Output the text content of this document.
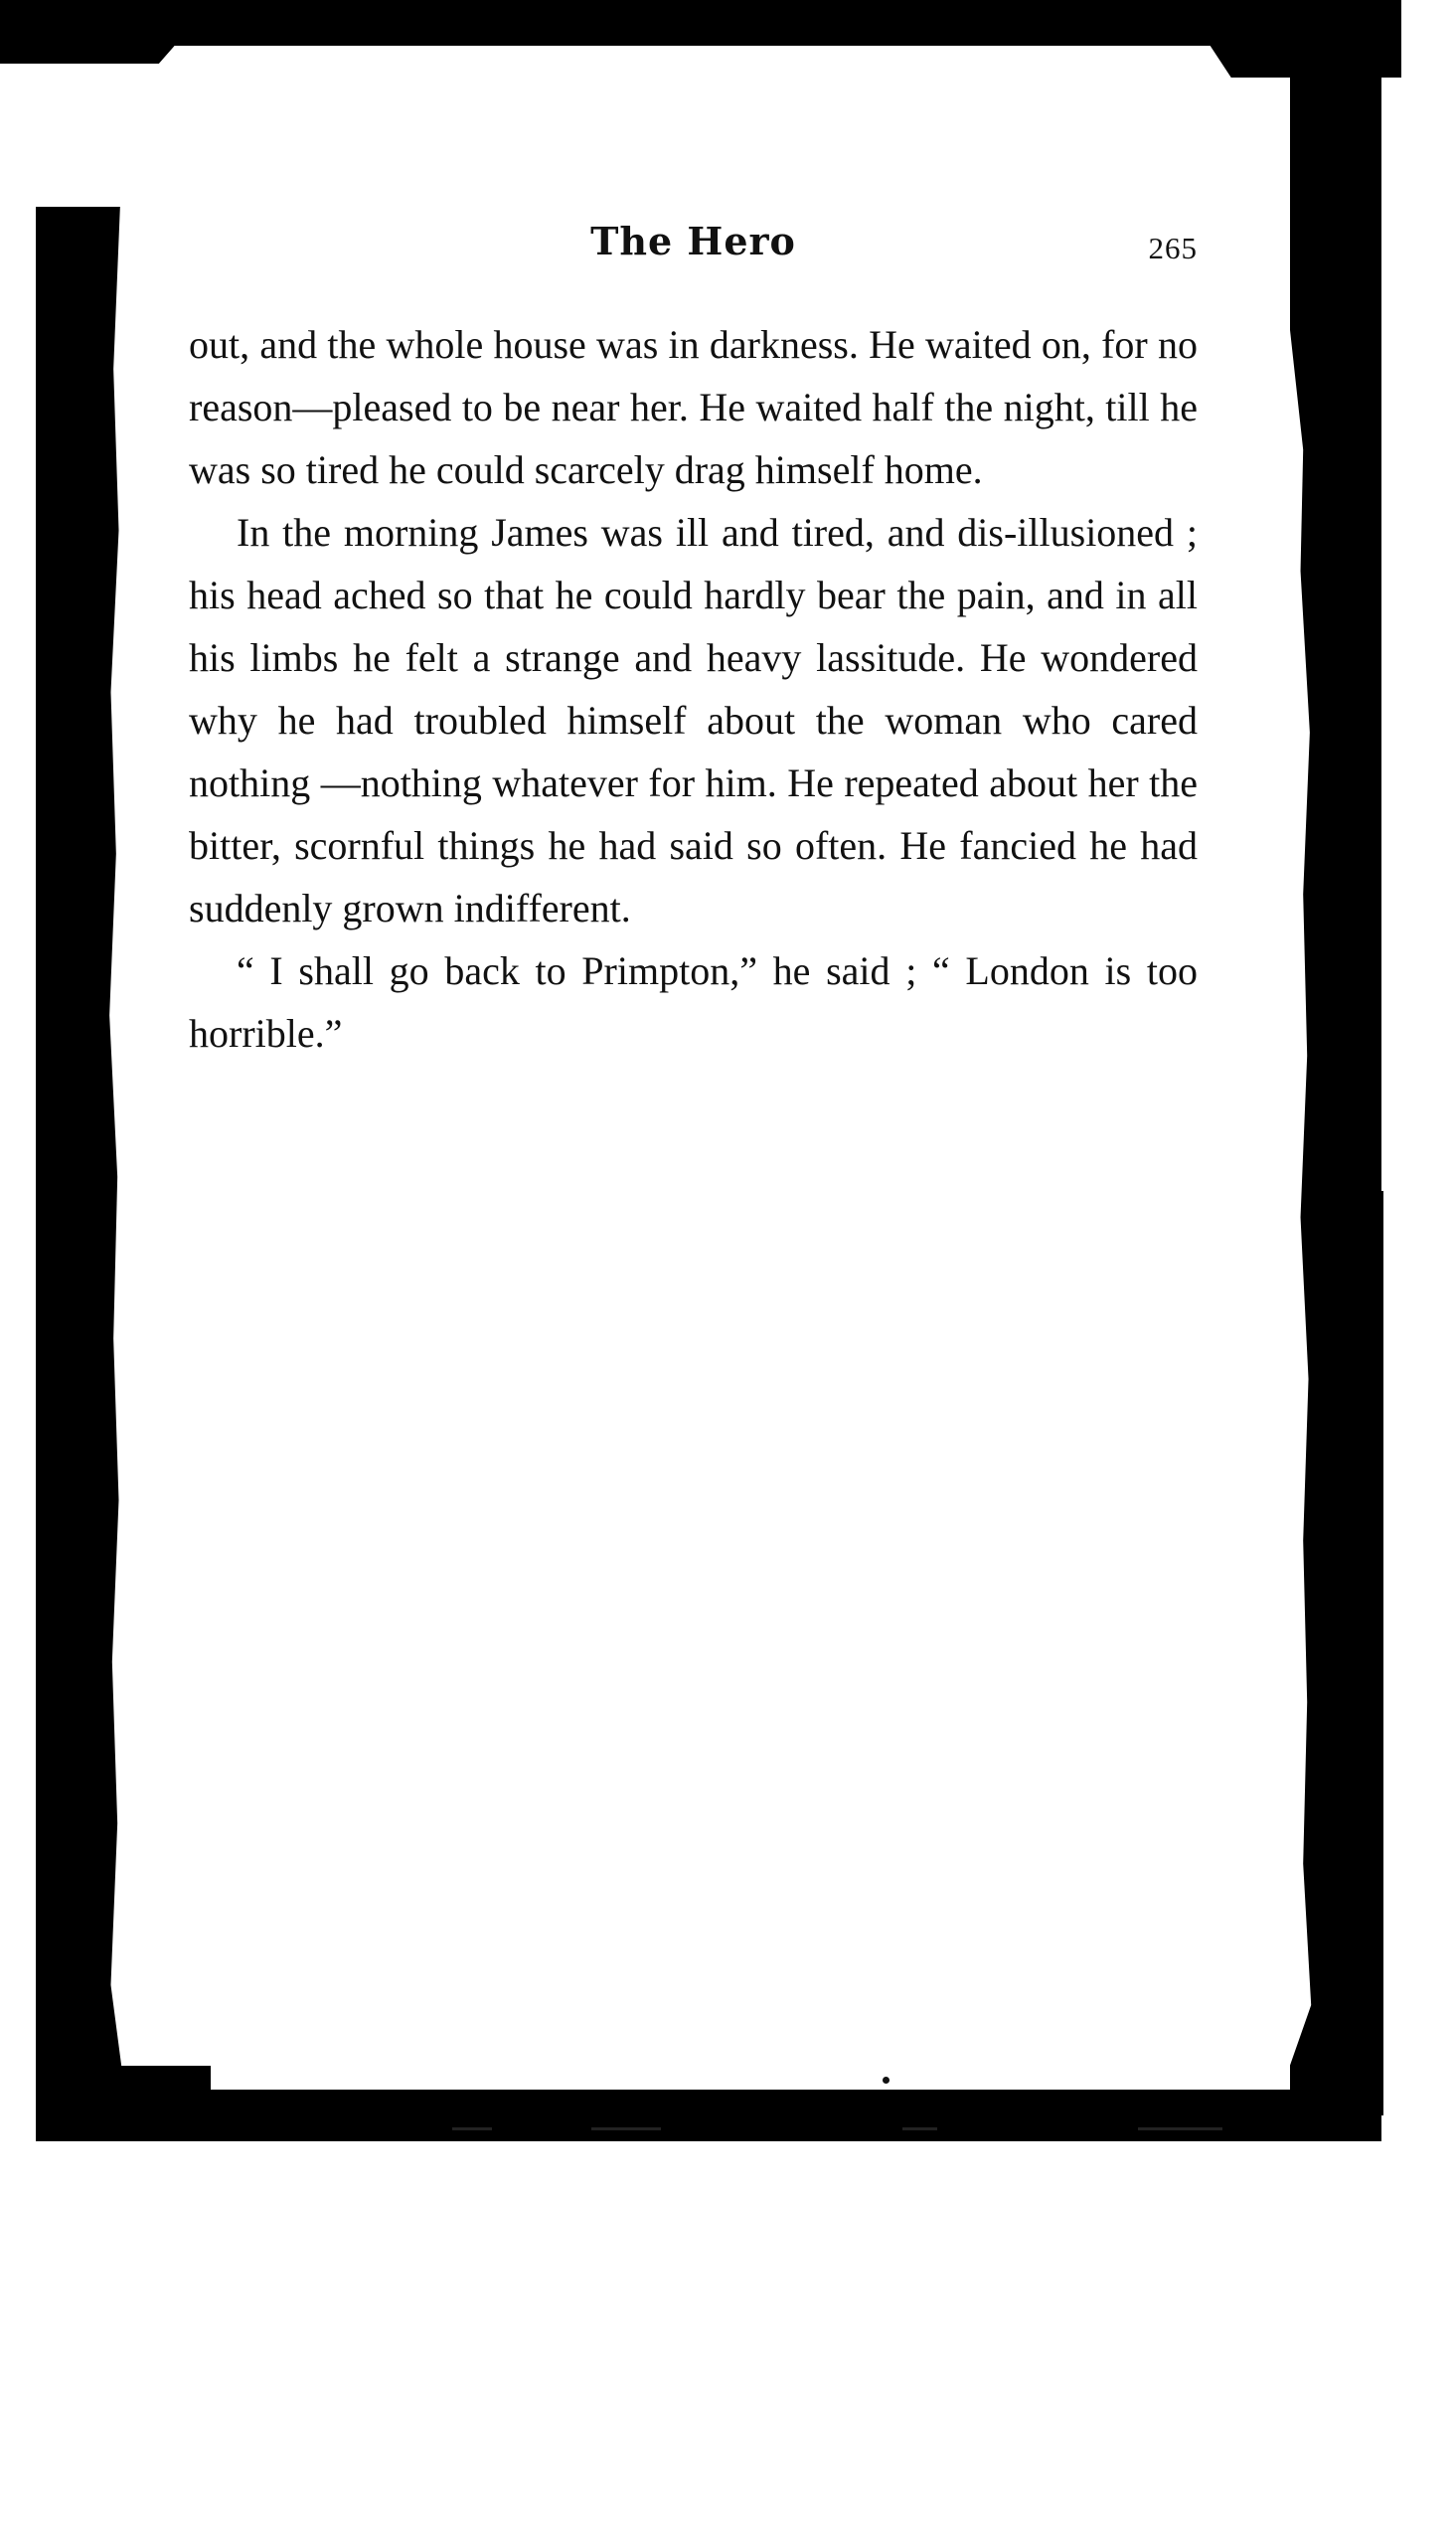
The Hero	265

out, and the whole house was in darkness. He waited on, for no reason—pleased to be near her. He waited half the night, till he was so tired he could scarcely drag himself home.

In the morning James was ill and tired, and dis-illusioned ; his head ached so that he could hardly bear the pain, and in all his limbs he felt a strange and heavy lassitude. He wondered why he had troubled himself about the woman who cared nothing —nothing whatever for him. He repeated about her the bitter, scornful things he had said so often. He fancied he had suddenly grown indifferent.

“ I shall go back to Primpton,” he said ; “ London is too horrible.”
